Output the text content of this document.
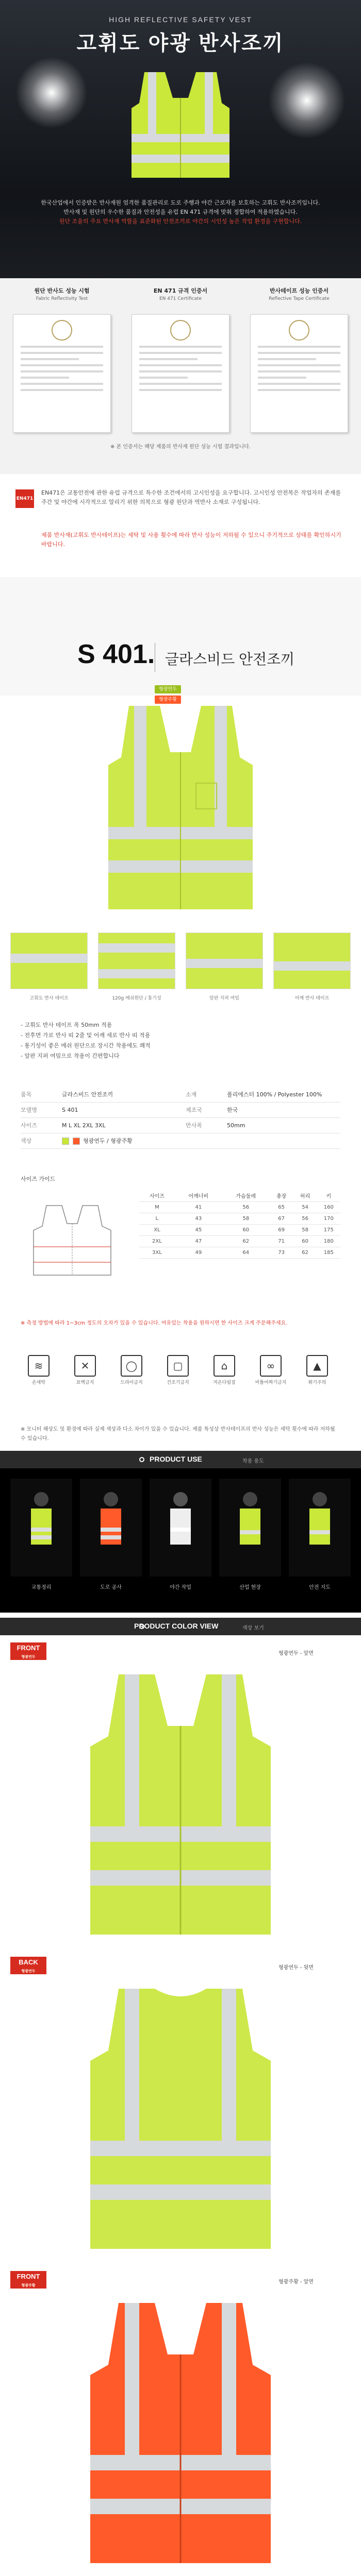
HIGH REFLECTIVE SAFETY VEST
고휘도 야광 반사조끼
한국산업에서 인증받은 반사재원 엄격한 품질관리로 도로 주행과 야간 근로자를 보호하는 고휘도 반사조끼입니다.
반사재 및 원단의 우수한 품질과 안전성을 유럽 EN 471 규격에 맞춰 정합하여 적용하였습니다.
원단 조율의 주요 반사재 역할을 표준화된 안전조끼로 야간의 시인성 높은 작업 환경을 구현합니다.
원단 반사도 성능 시험
Fabric Reflectivity Test
EN 471 규격 인증서
EN 471 Certificate
반사테이프 성능 인증서
Reflective Tape Certificate
※ 본 인증서는 해당 제품의 반사재 원단 성능 시험 결과입니다.
EN471
EN471은 교통안전에 관한 유럽 규격으로 특수한 조건에서의 고시인성을 요구합니다. 고시인성 안전복은 작업자의 존재를 주간 및 야간에 시각적으로 알리기 위한 의복으로 형광 원단과 역반사 소재로 구성됩니다.
제품 반사재(고휘도 반사테이프)는 세탁 및 사용 횟수에 따라 반사 성능이 저하될 수 있으니 주기적으로 상태를 확인하시기 바랍니다.
S 401. 글라스비드 안전조끼
형광연두
형광주황
고휘도 반사 테이프	120g 메쉬원단 / 통기성	앞판 지퍼 여밈	어깨 반사 테이프
- 고휘도 반사 테이프 폭 50mm 적용
- 전후면 가로 반사 띠 2줄 및 어깨 세로 반사 띠 적용
- 통기성이 좋은 메쉬 원단으로 장시간 착용에도 쾌적
- 앞판 지퍼 여밈으로 착용이 간편합니다
품목	글라스비드 안전조끼	소재	폴리에스터 100% / Polyester 100%
모델명	S 401	제조국	한국
사이즈	M L XL 2XL 3XL	반사폭	50mm
색상	형광연두 / 형광주황
사이즈 가이드
사이즈	어깨너비	가슴둘레	총장	허리	키
M	41	56	65	54	160
L	43	58	67	56	170
XL	45	60	69	58	175
2XL	47	62	71	60	180
3XL	49	64	73	62	185
※ 측정 방법에 따라 1~3cm 정도의 오차가 있을 수 있습니다. 여유있는 착용을 원하시면 한 사이즈 크게 주문해주세요.
≋
손세탁
✕
표백금지
◯
드라이금지
▢
건조기금지
⌂
저온다림질
∞
비틀어짜기금지
▲
화기주의
※ 모니터 해상도 및 환경에 따라 실제 색상과 다소 차이가 있을 수 있습니다. 제품 특성상 반사테이프의 반사 성능은 세탁 횟수에 따라 저하될 수 있습니다.
PRODUCT USE	착용 용도
교통정리	도로 공사	야간 작업	산업 현장	안전 지도
PRODUCT COLOR VIEW	색상 보기
FRONT
형광연두
형광연두 - 앞면
BACK
형광연두
형광연두 - 뒷면
FRONT
형광주황
형광주황 - 앞면
